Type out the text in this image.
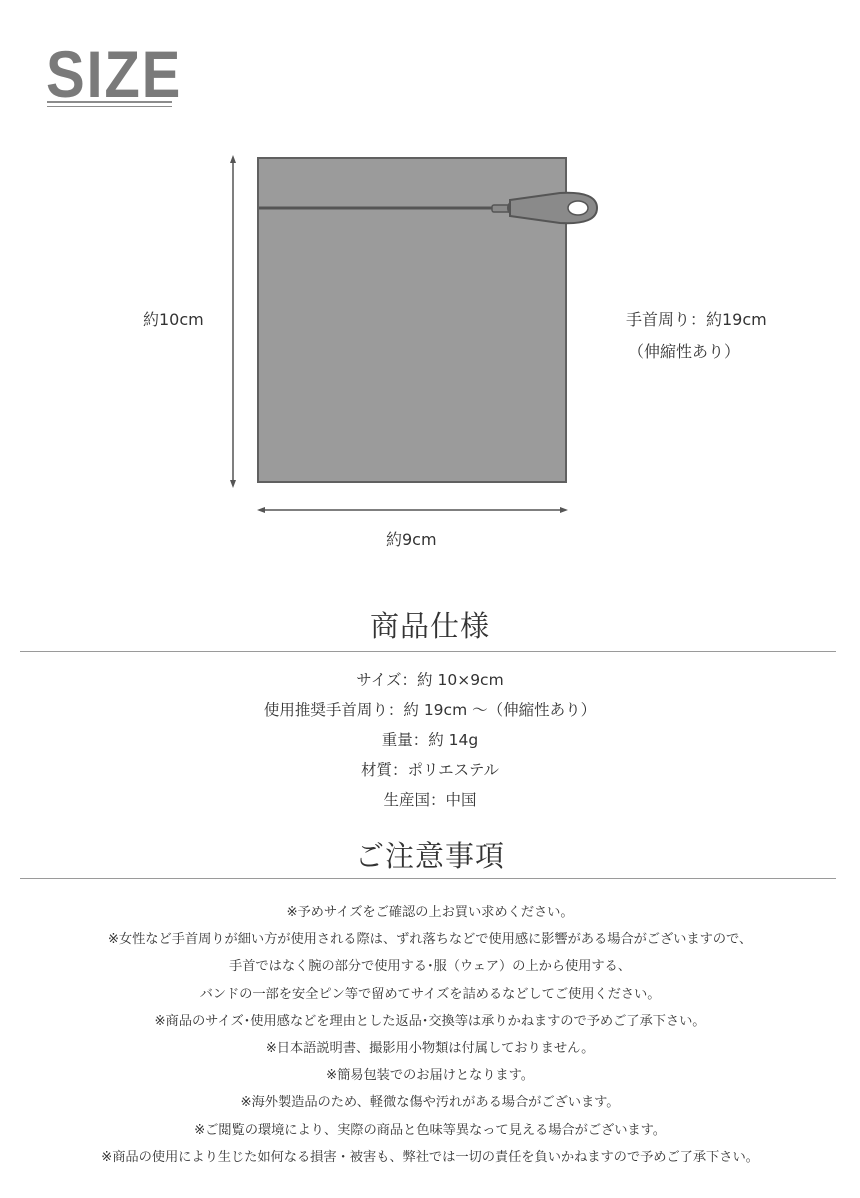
SIZE
約10cm
約9cm
手首周り：約19cm
（伸縮性あり）
商品仕様
サイズ：約 10×9cm
使用推奨手首周り：約 19cm 〜（伸縮性あり）
重量：約 14g
材質：ポリエステル
生産国：中国
ご注意事項
※予めサイズをご確認の上お買い求めください。
※女性など手首周りが細い方が使用される際は、ずれ落ちなどで使用感に影響がある場合がございますので、
手首ではなく腕の部分で使用する･服（ウェア）の上から使用する、
バンドの一部を安全ピン等で留めてサイズを詰めるなどしてご使用ください。
※商品のサイズ･使用感などを理由とした返品･交換等は承りかねますので予めご了承下さい。
※日本語説明書、撮影用小物類は付属しておりません。
※簡易包装でのお届けとなります。
※海外製造品のため、軽微な傷や汚れがある場合がございます。
※ご閲覧の環境により、実際の商品と色味等異なって見える場合がございます。
※商品の使用により生じた如何なる損害・被害も、弊社では一切の責任を負いかねますので予めご了承下さい。
